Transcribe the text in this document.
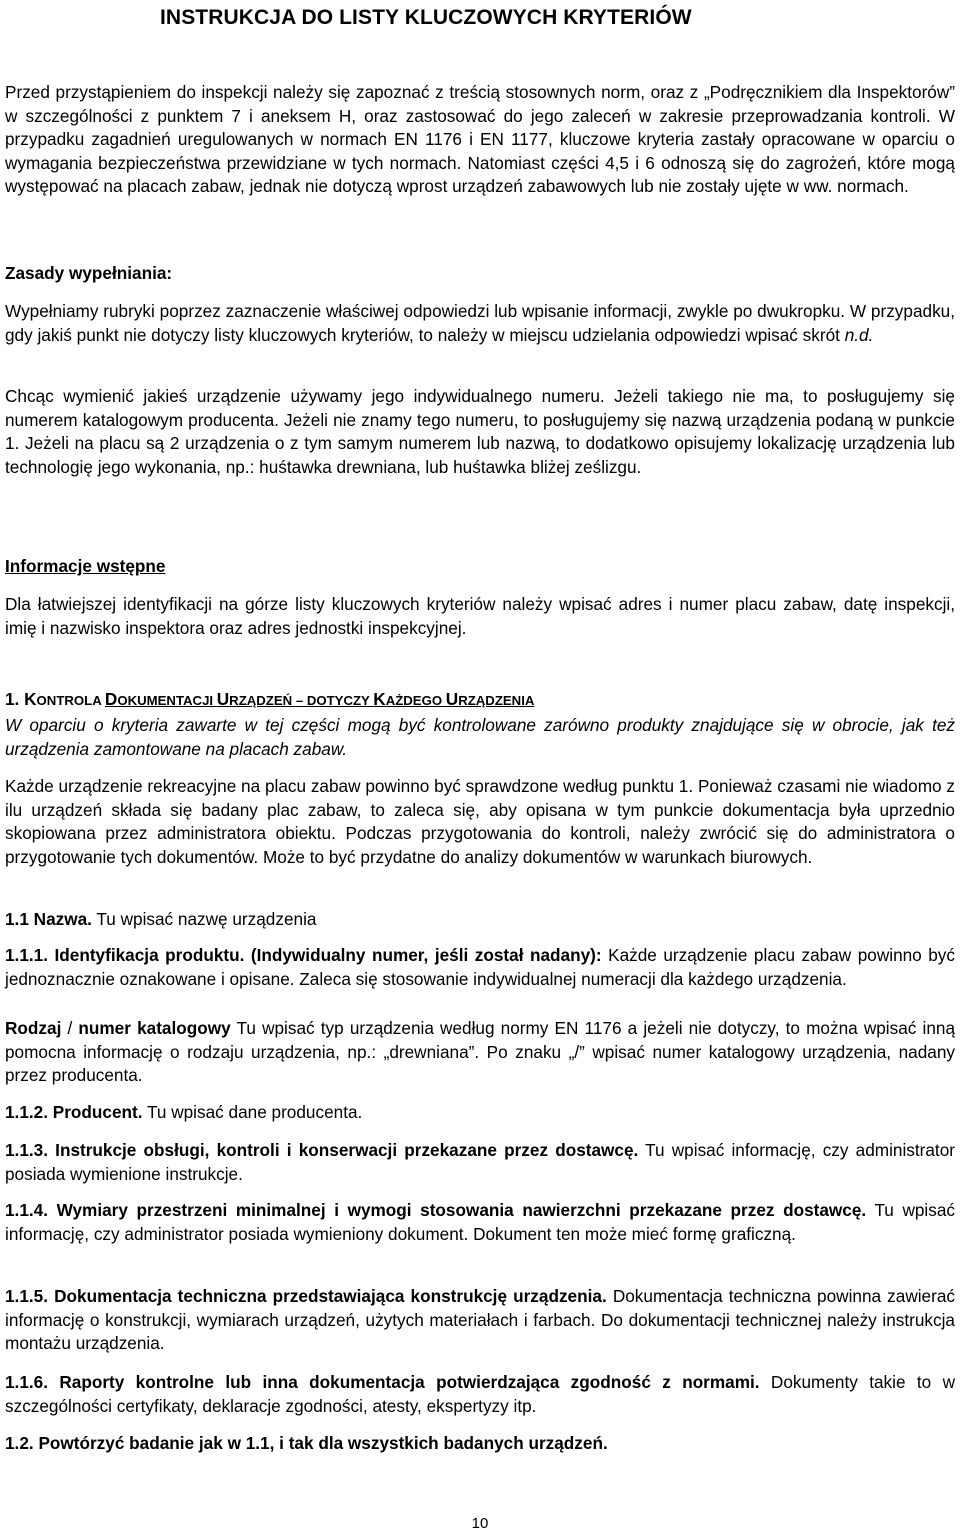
INSTRUKCJA DO LISTY KLUCZOWYCH KRYTERIÓW

Przed przystąpieniem do inspekcji należy się zapoznać z treścią stosownych norm, oraz z „Podręcznikiem dla Inspektorów” w szczególności z punktem 7 i aneksem H, oraz zastosować do jego zaleceń w zakresie przeprowadzania kontroli. W przypadku zagadnień uregulowanych w normach EN 1176 i EN 1177, kluczowe kryteria zastały opracowane w oparciu o wymagania bezpieczeństwa przewidziane w tych normach. Natomiast części 4,5 i 6 odnoszą się do zagrożeń, które mogą występować na placach zabaw, jednak nie dotyczą wprost urządzeń zabawowych lub nie zostały ujęte w ww. normach.

Zasady wypełniania:

Wypełniamy rubryki poprzez zaznaczenie właściwej odpowiedzi lub wpisanie informacji, zwykle po dwukropku. W przypadku, gdy jakiś punkt nie dotyczy listy kluczowych kryteriów, to należy w miejscu udzielania odpowiedzi wpisać skrót n.d.

Chcąc wymienić jakieś urządzenie używamy jego indywidualnego numeru. Jeżeli takiego nie ma, to posługujemy się numerem katalogowym producenta. Jeżeli nie znamy tego numeru, to posługujemy się nazwą urządzenia podaną w punkcie 1. Jeżeli na placu są 2 urządzenia o z tym samym numerem lub nazwą, to dodatkowo opisujemy lokalizację urządzenia lub technologię jego wykonania, np.: huśtawka drewniana, lub huśtawka bliżej ześlizgu.

Informacje wstępne

Dla łatwiejszej identyfikacji na górze listy kluczowych kryteriów należy wpisać adres i numer placu zabaw, datę inspekcji, imię i nazwisko inspektora oraz adres jednostki inspekcyjnej.

1. KONTROLA DOKUMENTACJI URZĄDZEŃ – DOTYCZY KAŻDEGO URZĄDZENIA

W oparciu o kryteria zawarte w tej części mogą być kontrolowane zarówno produkty znajdujące się w obrocie, jak też urządzenia zamontowane na placach zabaw.

Każde urządzenie rekreacyjne na placu zabaw powinno być sprawdzone według punktu 1. Ponieważ czasami nie wiadomo z ilu urządzeń składa się badany plac zabaw, to zaleca się, aby opisana w tym punkcie dokumentacja była uprzednio skopiowana przez administratora obiektu. Podczas przygotowania do kontroli, należy zwrócić się do administratora o przygotowanie tych dokumentów. Może to być przydatne do analizy dokumentów w warunkach biurowych.

1.1 Nazwa. Tu wpisać nazwę urządzenia

1.1.1. Identyfikacja produktu. (Indywidualny numer, jeśli został nadany): Każde urządzenie placu zabaw powinno być jednoznacznie oznakowane i opisane. Zaleca się stosowanie indywidualnej numeracji dla każdego urządzenia.

Rodzaj / numer katalogowy Tu wpisać typ urządzenia według normy EN 1176 a jeżeli nie dotyczy, to można wpisać inną pomocna informację o rodzaju urządzenia, np.: „drewniana”. Po znaku „/” wpisać numer katalogowy urządzenia, nadany przez producenta.

1.1.2. Producent. Tu wpisać dane producenta.

1.1.3. Instrukcje obsługi, kontroli i konserwacji przekazane przez dostawcę. Tu wpisać informację, czy administrator posiada wymienione instrukcje.

1.1.4. Wymiary przestrzeni minimalnej i wymogi stosowania nawierzchni przekazane przez dostawcę. Tu wpisać informację, czy administrator posiada wymieniony dokument. Dokument ten może mieć formę graficzną.

1.1.5. Dokumentacja techniczna przedstawiająca konstrukcję urządzenia. Dokumentacja techniczna powinna zawierać informację o konstrukcji, wymiarach urządzeń, użytych materiałach i farbach. Do dokumentacji technicznej należy instrukcja montażu urządzenia.

1.1.6. Raporty kontrolne lub inna dokumentacja potwierdzająca zgodność z normami. Dokumenty takie to w szczególności certyfikaty, deklaracje zgodności, atesty, ekspertyzy itp.

1.2. Powtórzyć badanie jak w 1.1, i tak dla wszystkich badanych urządzeń.

10
